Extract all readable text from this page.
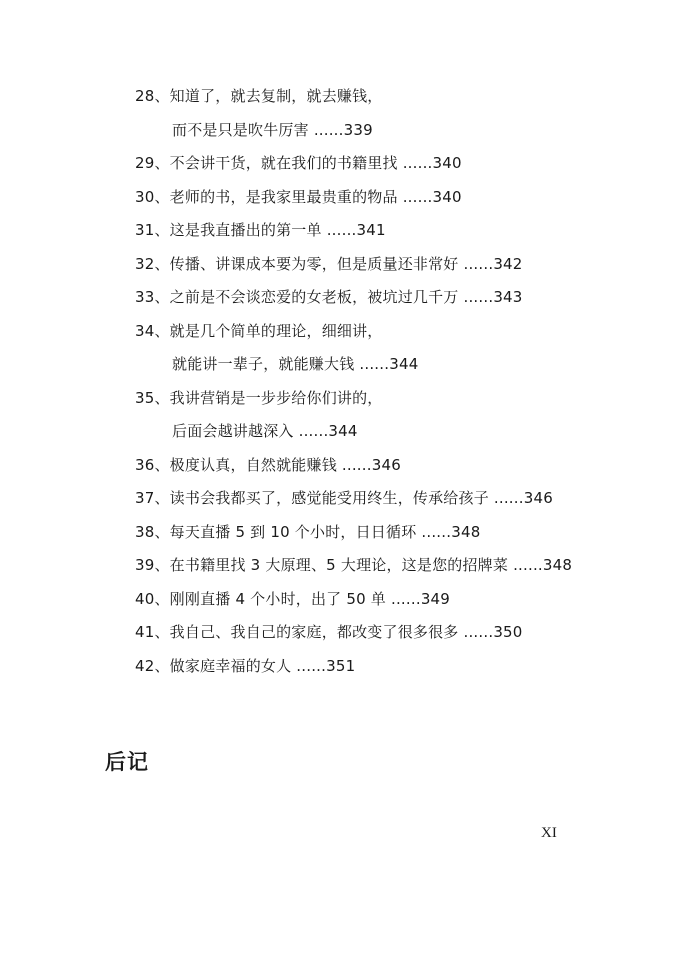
28、知道了，就去复制，就去赚钱，
而不是只是吹牛厉害 ......339
29、不会讲干货，就在我们的书籍里找 ......340
30、老师的书，是我家里最贵重的物品 ......340
31、这是我直播出的第一单 ......341
32、传播、讲课成本要为零，但是质量还非常好 ......342
33、之前是不会谈恋爱的女老板，被坑过几千万 ......343
34、就是几个简单的理论，细细讲，
就能讲一辈子，就能赚大钱 ......344
35、我讲营销是一步步给你们讲的，
后面会越讲越深入 ......344
36、极度认真，自然就能赚钱 ......346
37、读书会我都买了，感觉能受用终生，传承给孩子 ......346
38、每天直播 5 到 10 个小时，日日循环 ......348
39、在书籍里找 3 大原理、5 大理论，这是您的招牌菜 ......348
40、刚刚直播 4 个小时，出了 50 单 ......349
41、我自己、我自己的家庭，都改变了很多很多 ......350
42、做家庭幸福的女人 ......351
后记
XI
